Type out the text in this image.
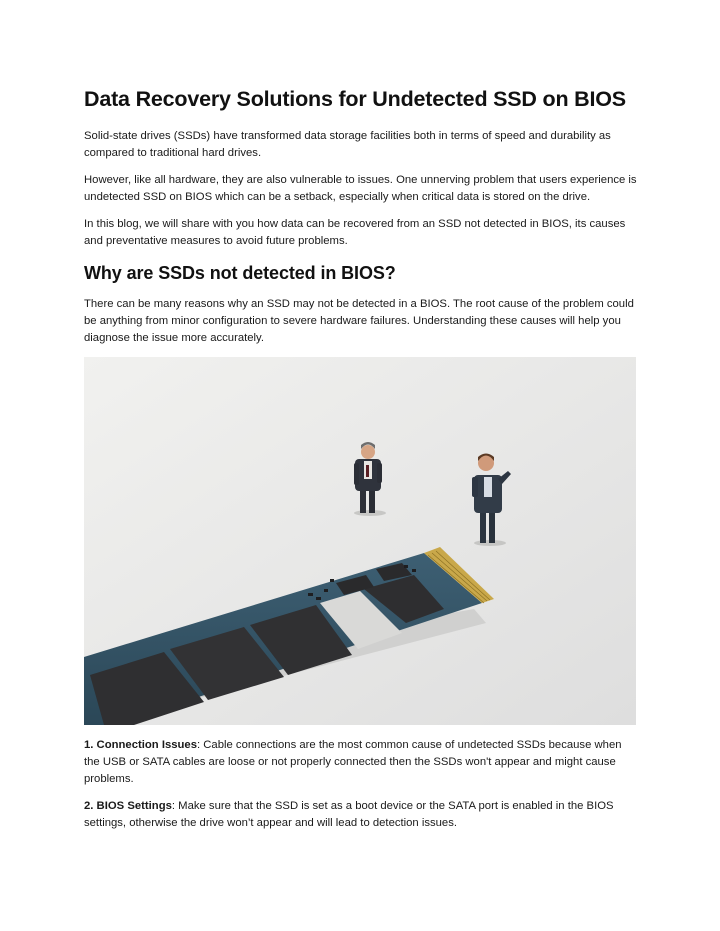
Data Recovery Solutions for Undetected SSD on BIOS

Solid-state drives (SSDs) have transformed data storage facilities both in terms of speed and durability as compared to traditional hard drives.

However, like all hardware, they are also vulnerable to issues. One unnerving problem that users experience is undetected SSD on BIOS which can be a setback, especially when critical data is stored on the drive.

In this blog, we will share with you how data can be recovered from an SSD not detected in BIOS, its causes and preventative measures to avoid future problems.

Why are SSDs not detected in BIOS?

There can be many reasons why an SSD may not be detected in a BIOS. The root cause of the problem could be anything from minor configuration to severe hardware failures. Understanding these causes will help you diagnose the issue more accurately.

1. Connection Issues: Cable connections are the most common cause of undetected SSDs because when the USB or SATA cables are loose or not properly connected then the SSDs won't appear and might cause problems.

2. BIOS Settings: Make sure that the SSD is set as a boot device or the SATA port is enabled in the BIOS settings, otherwise the drive won’t appear and will lead to detection issues.
